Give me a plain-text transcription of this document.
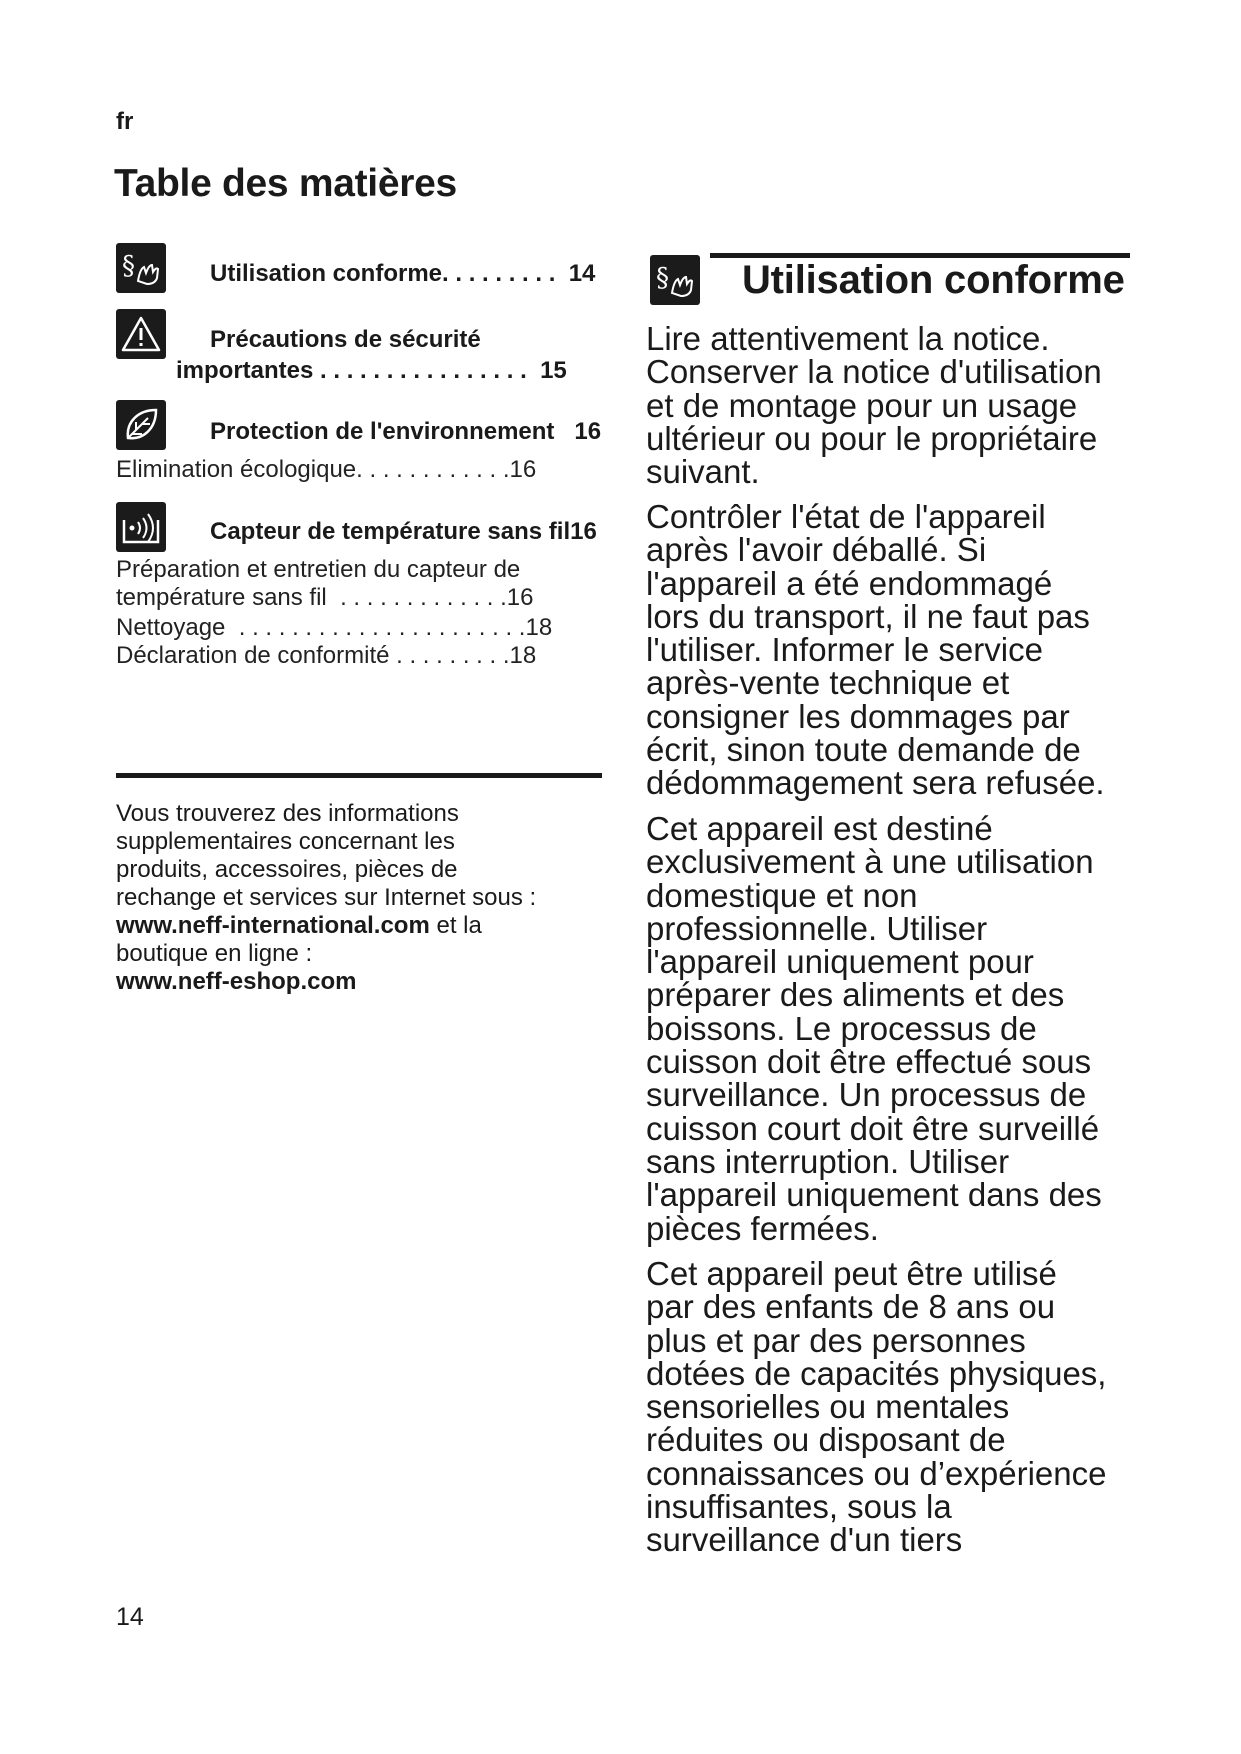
fr
Table des matières
§	Utilisation conforme. . . . . . . . .  14
Précautions de sécurité
importantes . . . . . . . . . . . . . . . .  15
Protection de l'environnement   16
Capteur de température sans fil16
Elimination écologique. . . . . . . . . . . .16
Préparation et entretien du capteur de
température sans fil  . . . . . . . . . . . . .16
Nettoyage  . . . . . . . . . . . . . . . . . . . . . .18
Déclaration de conformité . . . . . . . . .18
Vous trouverez des informations
supplementaires concernant les
produits, accessoires, pièces de
rechange et services sur Internet sous :
www.neff-international.com et la
boutique en ligne :
www.neff-eshop.com
§ Utilisation conforme
Lire attentivement la notice.
Conserver la notice d'utilisation
et de montage pour un usage
ultérieur ou pour le propriétaire
suivant.
Contrôler l'état de l'appareil
après l'avoir déballé. Si
l'appareil a été endommagé
lors du transport, il ne faut pas
l'utiliser. Informer le service
après-vente technique et
consigner les dommages par
écrit, sinon toute demande de
dédommagement sera refusée.
Cet appareil est destiné
exclusivement à une utilisation
domestique et non
professionnelle. Utiliser
l'appareil uniquement pour
préparer des aliments et des
boissons. Le processus de
cuisson doit être effectué sous
surveillance. Un processus de
cuisson court doit être surveillé
sans interruption. Utiliser
l'appareil uniquement dans des
pièces fermées.
Cet appareil peut être utilisé
par des enfants de 8 ans ou
plus et par des personnes
dotées de capacités physiques,
sensorielles ou mentales
réduites ou disposant de
connaissances ou d’expérience
insuffisantes, sous la
surveillance d'un tiers
14
